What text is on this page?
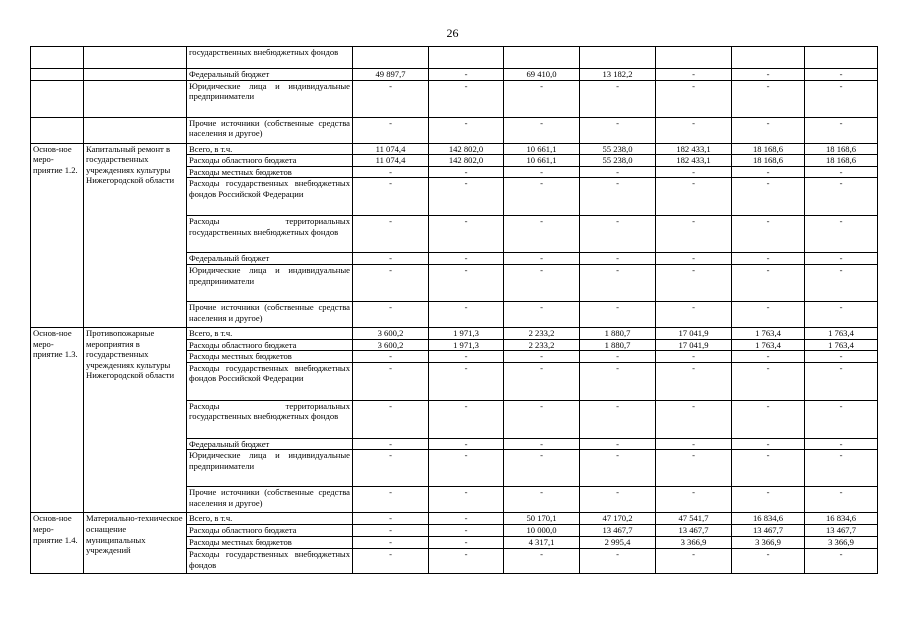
26
		государственных внебюджетных фондов							
		Федеральный бюджет	49 897,7	-	69 410,0	13 182,2	-	-	-
		Юридические лица и индивидуальные предприниматели	-	-	-	-	-	-	-
		Прочие источники (собственные средства населения и другое)	-	-	-	-	-	-	-
Основ-ное меро-приятие 1.2.	Капитальный ремонт в государственных учреждениях культуры Нижегородской области	Всего, в т.ч.	11 074,4	142 802,0	10 661,1	55 238,0	182 433,1	18 168,6	18 168,6
		Расходы областного бюджета	11 074,4	142 802,0	10 661,1	55 238,0	182 433,1	18 168,6	18 168,6
		Расходы местных бюджетов	-	-	-	-	-	-	-
		Расходы государственных внебюджетных фондов Российской Федерации	-	-	-	-	-	-	-
		Расходы территориальных государственных внебюджетных фондов	-	-	-	-	-	-	-
		Федеральный бюджет	-	-	-	-	-	-	-
		Юридические лица и индивидуальные предприниматели	-	-	-	-	-	-	-
		Прочие источники (собственные средства населения и другое)	-	-	-	-	-	-	-
Основ-ное меро-приятие 1.3.	Противопожарные мероприятия в государственных учреждениях культуры Нижегородской области	Всего, в т.ч.	3 600,2	1 971,3	2 233,2	1 880,7	17 041,9	1 763,4	1 763,4
		Расходы областного бюджета	3 600,2	1 971,3	2 233,2	1 880,7	17 041,9	1 763,4	1 763,4
		Расходы местных бюджетов	-	-	-	-	-	-	-
		Расходы государственных внебюджетных фондов Российской Федерации	-	-	-	-	-	-	-
		Расходы территориальных государственных внебюджетных фондов	-	-	-	-	-	-	-
		Федеральный бюджет	-	-	-	-	-	-	-
		Юридические лица и индивидуальные предприниматели	-	-	-	-	-	-	-
		Прочие источники (собственные средства населения и другое)	-	-	-	-	-	-	-
Основ-ное меро-приятие 1.4.	Материально-техническое оснащение муниципальных учреждений	Всего, в т.ч.	-	-	50 170,1	47 170,2	47 541,7	16 834,6	16 834,6
		Расходы областного бюджета	-	-	10 000,0	13 467,7	13 467,7	13 467,7	13 467,7
		Расходы местных бюджетов	-	-	4 317,1	2 995,4	3 366,9	3 366,9	3 366,9
		Расходы государственных внебюджетных фондов	-	-	-	-	-	-	-
